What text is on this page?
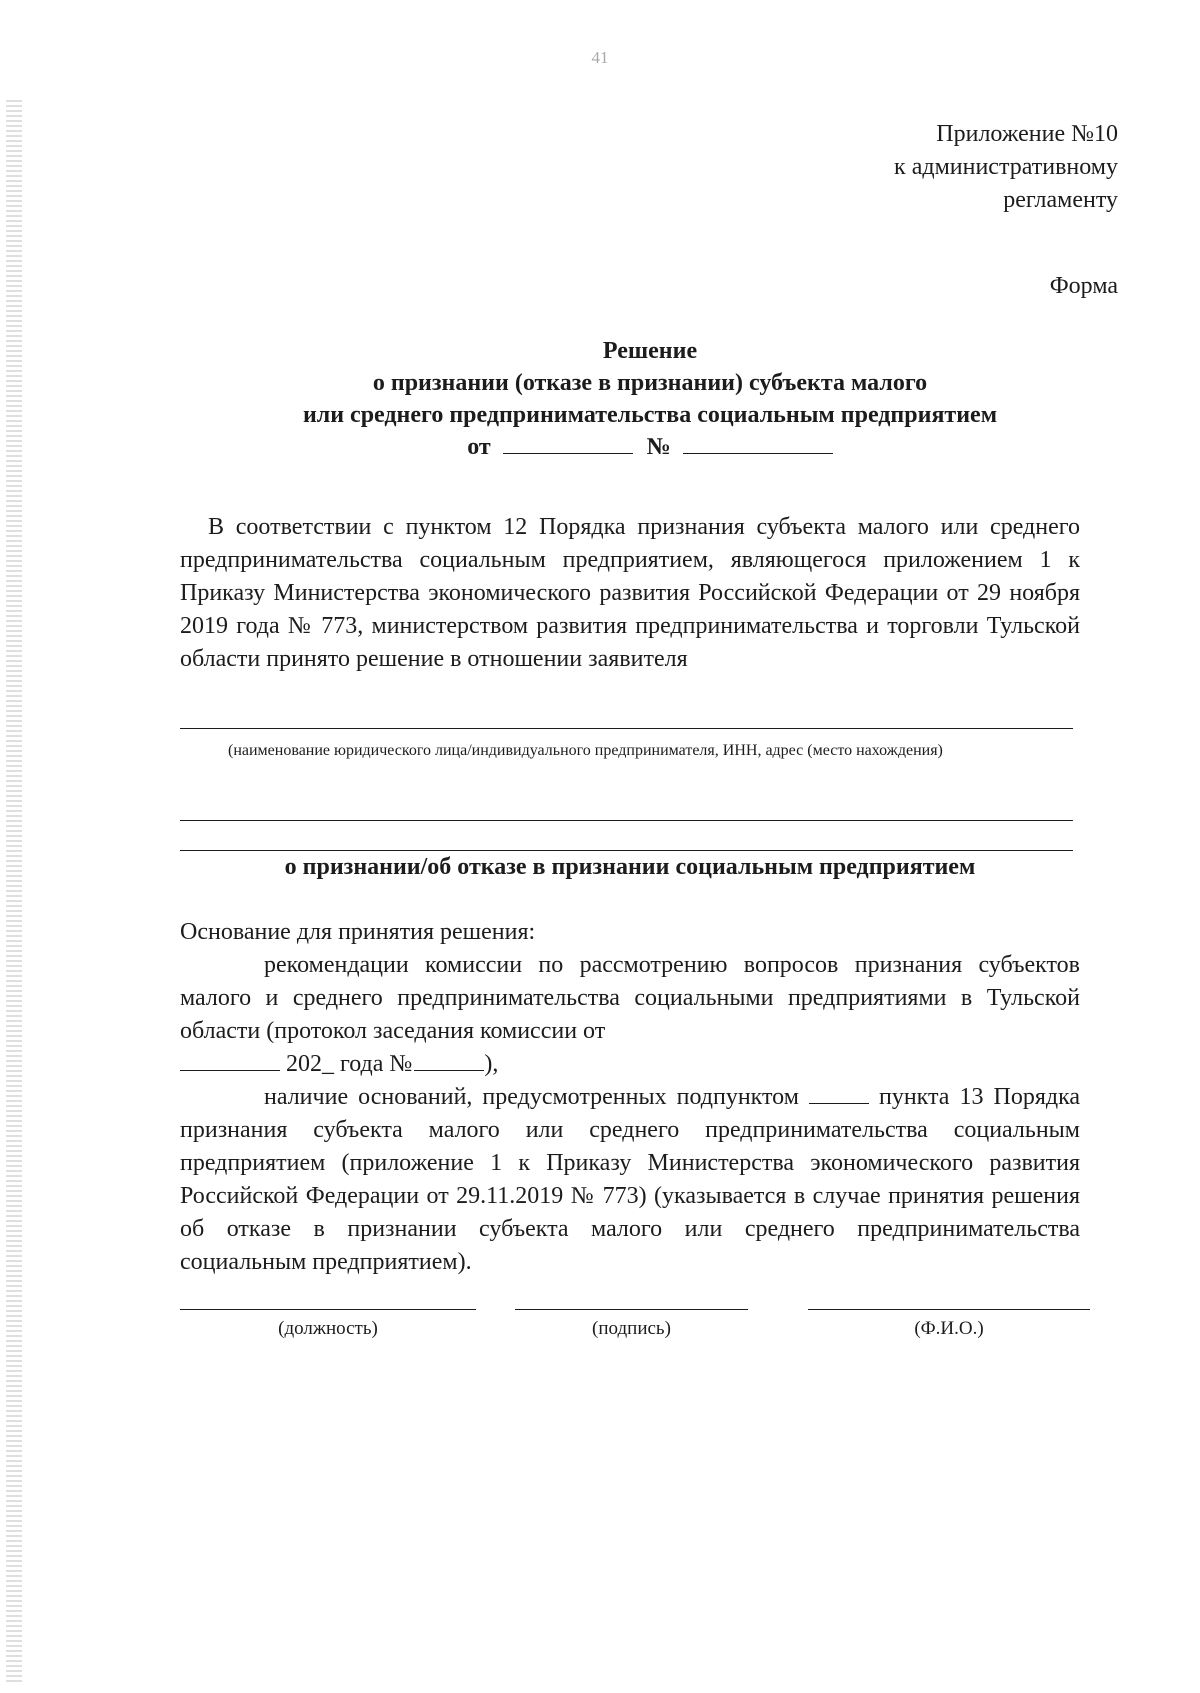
41
Приложение №10
к административному
регламенту
Форма
Решение
о признании (отказе в признании) субъекта малого
или среднего предпринимательства социальным предприятием
от	№

В соответствии с пунктом 12 Порядка признания субъекта малого или среднего предпринимательства социальным предприятием, являющегося приложением 1 к Приказу Министерства экономического развития Российской Федерации от 29 ноября 2019 года № 773, министерством развития предпринимательства и торговли Тульской области принято решение в отношении заявителя

(наименование юридического лица/индивидуального предпринимателя, ИНН, адрес (место нахождения)
о признании/об отказе в признании социальным предприятием
Основание для принятия решения:

рекомендации комиссии по рассмотрению вопросов признания субъектов малого и среднего предпринимательства социальными предприятиями в Тульской области (протокол заседания комиссии от
202_ года №	),

наличие оснований, предусмотренных подпунктом	пункта 13 Порядка признания субъекта малого или среднего предпринимательства социальным предприятием (приложение 1 к Приказу Министерства экономического развития Российской Федерации от 29.11.2019 № 773) (указывается в случае принятия решения об отказе в признании субъекта малого или среднего предпринимательства социальным предприятием).

(должность)	(подпись)	(Ф.И.О.)
